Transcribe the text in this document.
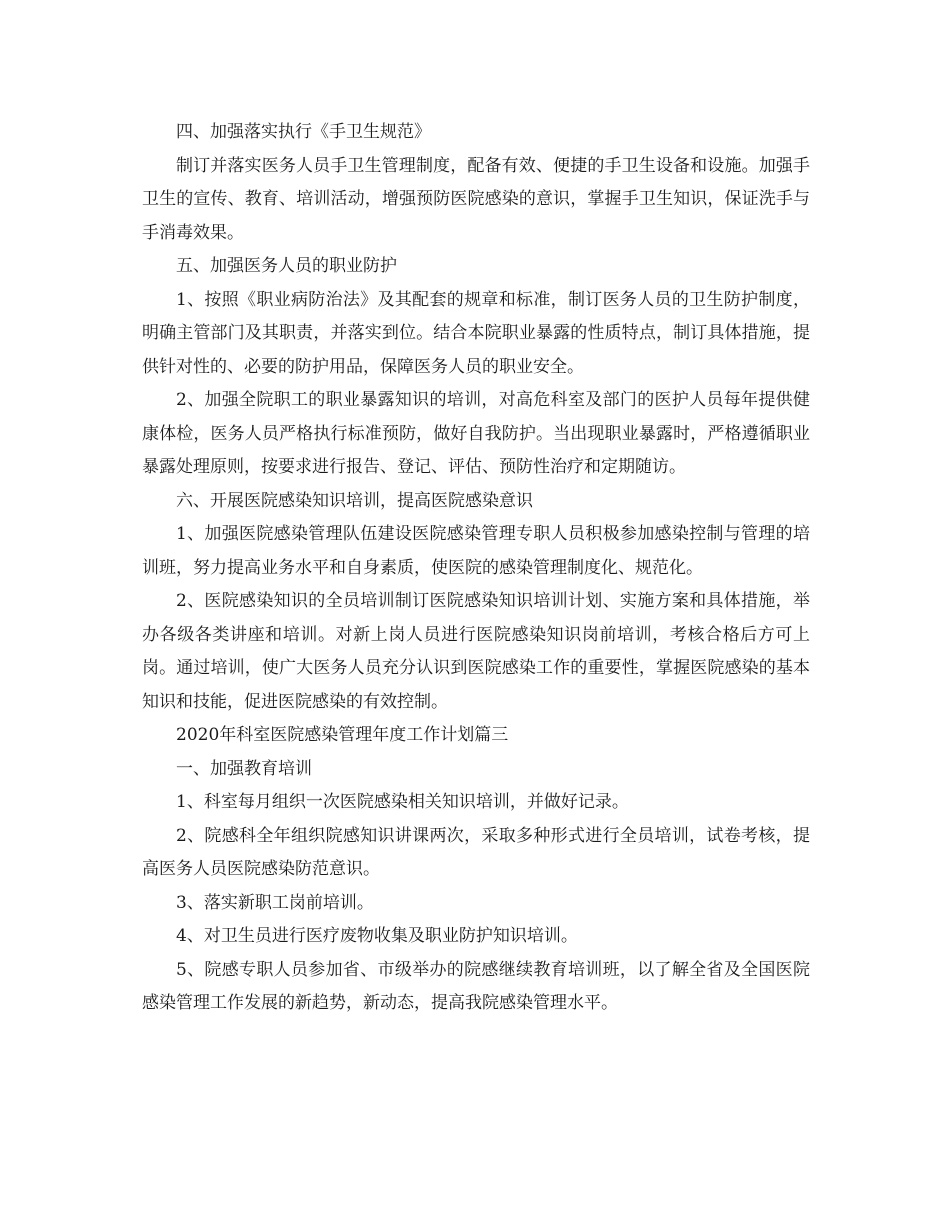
四、加强落实执行《手卫生规范》

制订并落实医务人员手卫生管理制度，配备有效、便捷的手卫生设备和设施。加强手卫生的宣传、教育、培训活动，增强预防医院感染的意识，掌握手卫生知识，保证洗手与手消毒效果。

五、加强医务人员的职业防护

1、按照《职业病防治法》及其配套的规章和标准，制订医务人员的卫生防护制度，明确主管部门及其职责，并落实到位。结合本院职业暴露的性质特点，制订具体措施，提供针对性的、必要的防护用品，保障医务人员的职业安全。

2、加强全院职工的职业暴露知识的培训，对高危科室及部门的医护人员每年提供健康体检，医务人员严格执行标准预防，做好自我防护。当出现职业暴露时，严格遵循职业暴露处理原则，按要求进行报告、登记、评估、预防性治疗和定期随访。

六、开展医院感染知识培训，提高医院感染意识

1、加强医院感染管理队伍建设医院感染管理专职人员积极参加感染控制与管理的培训班，努力提高业务水平和自身素质，使医院的感染管理制度化、规范化。

2、医院感染知识的全员培训制订医院感染知识培训计划、实施方案和具体措施，举办各级各类讲座和培训。对新上岗人员进行医院感染知识岗前培训，考核合格后方可上岗。通过培训，使广大医务人员充分认识到医院感染工作的重要性，掌握医院感染的基本知识和技能，促进医院感染的有效控制。

2020年科室医院感染管理年度工作计划篇三

一、加强教育培训

1、科室每月组织一次医院感染相关知识培训，并做好记录。

2、院感科全年组织院感知识讲课两次，采取多种形式进行全员培训，试卷考核，提高医务人员医院感染防范意识。

3、落实新职工岗前培训。

4、对卫生员进行医疗废物收集及职业防护知识培训。

5、院感专职人员参加省、市级举办的院感继续教育培训班，以了解全省及全国医院感染管理工作发展的新趋势，新动态，提高我院感染管理水平。
